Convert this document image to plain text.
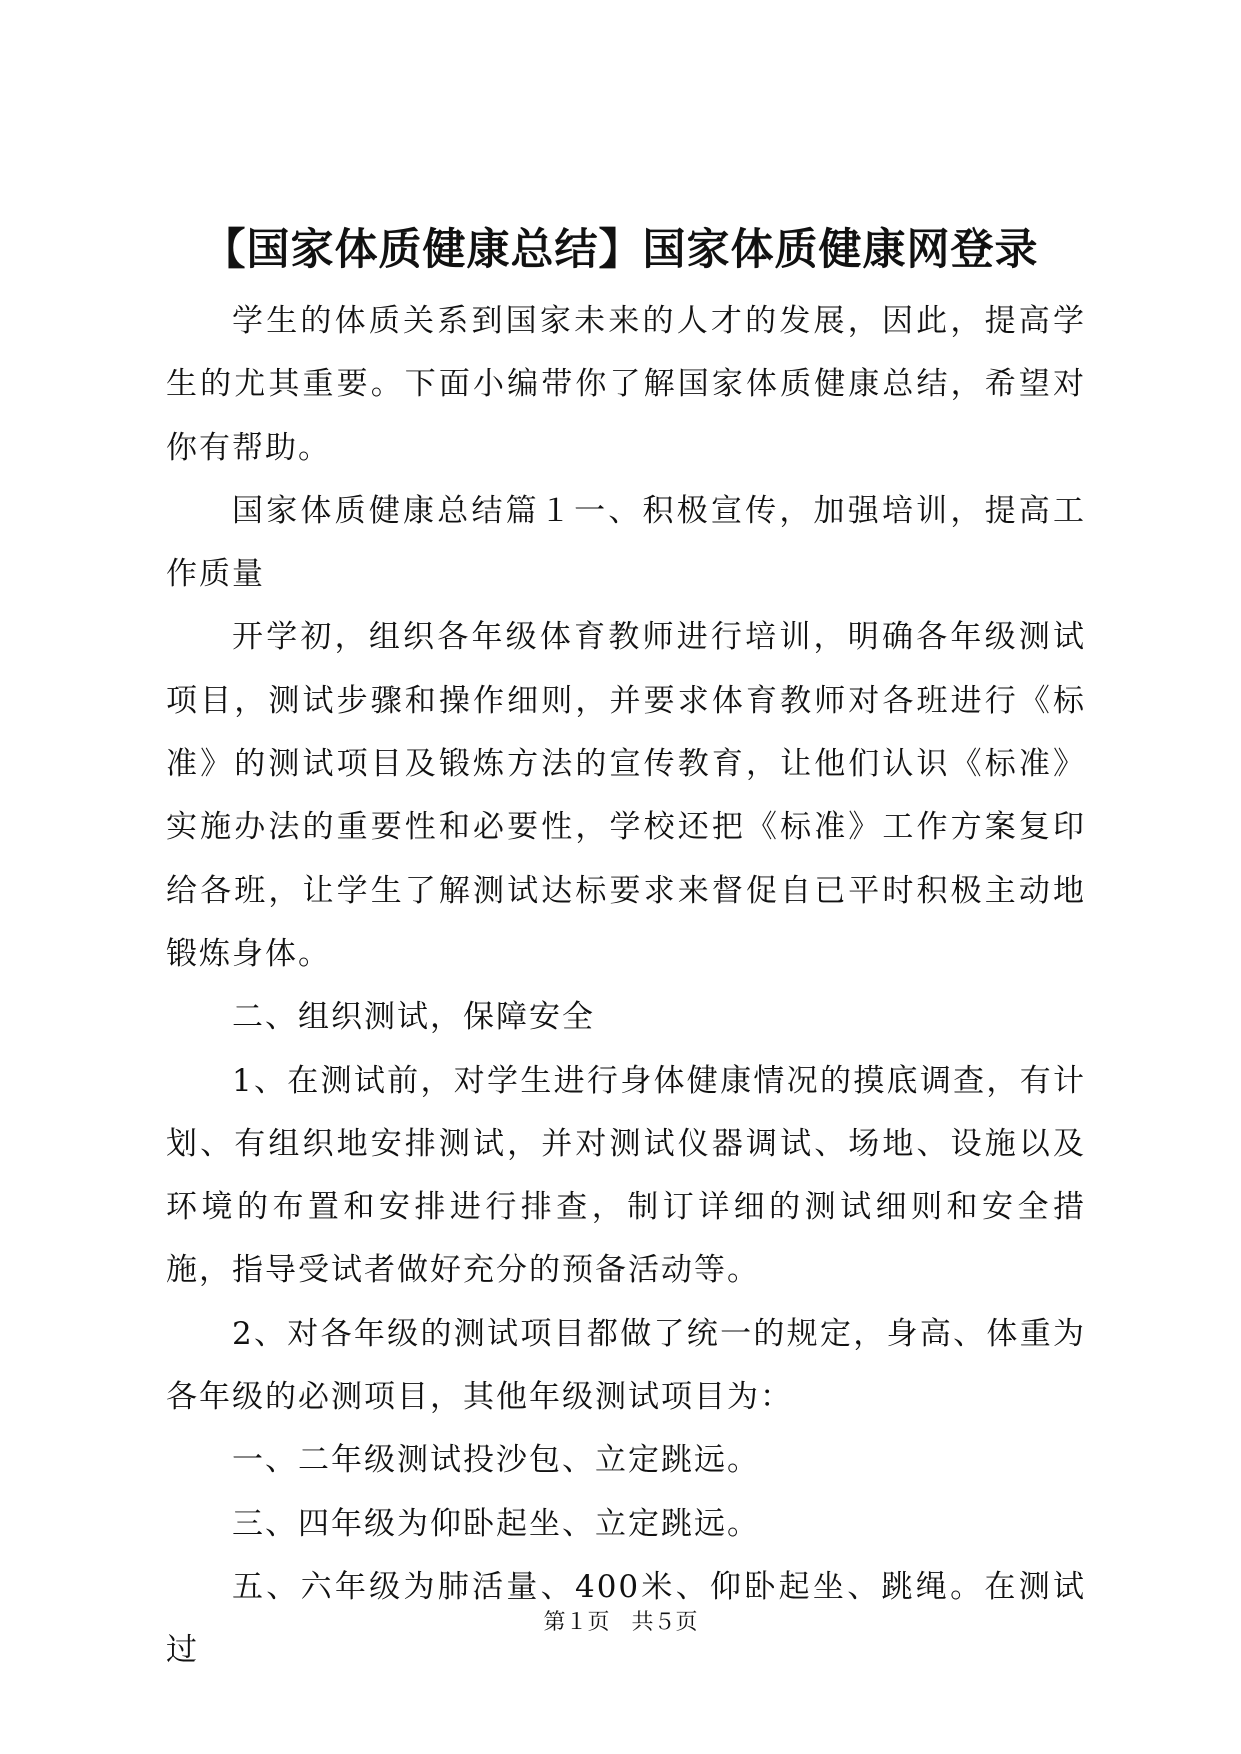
【国家体质健康总结】国家体质健康网登录

学生的体质关系到国家未来的人才的发展，因此，提高学生的尤其重要。下面小编带你了解国家体质健康总结，希望对你有帮助。

国家体质健康总结篇１一、积极宣传，加强培训，提高工作质量

开学初，组织各年级体育教师进行培训，明确各年级测试项目，测试步骤和操作细则，并要求体育教师对各班进行《标准》的测试项目及锻炼方法的宣传教育，让他们认识《标准》实施办法的重要性和必要性，学校还把《标准》工作方案复印给各班，让学生了解测试达标要求来督促自已平时积极主动地锻炼身体。

二、组织测试，保障安全

1、在测试前，对学生进行身体健康情况的摸底调查，有计划、有组织地安排测试，并对测试仪器调试、场地、设施以及环境的布置和安排进行排查，制订详细的测试细则和安全措施，指导受试者做好充分的预备活动等。

2、对各年级的测试项目都做了统一的规定，身高、体重为各年级的必测项目，其他年级测试项目为：

一、二年级测试投沙包、立定跳远。

三、四年级为仰卧起坐、立定跳远。

五、六年级为肺活量、400米、仰卧起坐、跳绳。在测试过

第１页　共５页
